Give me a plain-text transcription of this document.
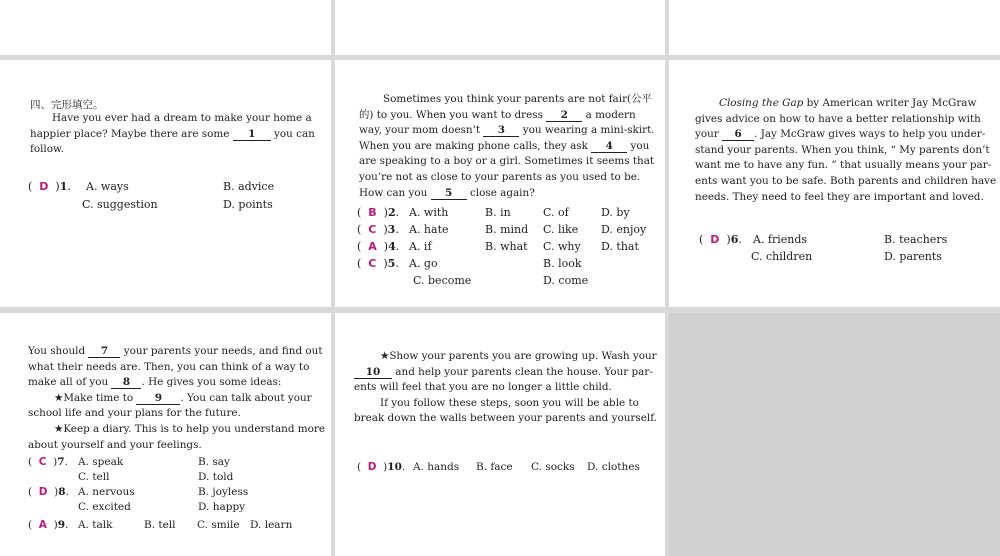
四、完形填空。
Have you ever had a dream to make your home a
happier place? Maybe there are some 1 you can
follow.
(  D  )1. A. ways	B. advice
C. suggestion	D. points
Sometimes you think your parents are not fair(公平
的) to you. When you want to dress 2 a modern
way, your mom doesn’t 3 you wearing a mini-skirt.
When you are making phone calls, they ask 4 you
are speaking to a boy or a girl. Sometimes it seems that
you’re not as close to your parents as you used to be.
How can you 5 close again?
(  B  )2. A. with	B. in	C. of	D. by
(  C  )3. A. hate	B. mind C. like D. enjoy
(  A  )4. A. if	B. what C. why D. that
(  C  )5. A. go	B. look
C. become	D. come
Closing the Gap by American writer Jay McGraw
gives advice on how to have a better relationship with
your 6 . Jay McGraw gives ways to help you under-
stand your parents. When you think, “ My parents don’t
want me to have any fun. ” that usually means your par-
ents want you to be safe. Both parents and children have
needs. They need to feel they are important and loved.
(  D  )6. A. friends	B. teachers
C. children	D. parents
You should 7 your parents your needs, and find out
what their needs are. Then, you can think of a way to
make all of you 8 . He gives you some ideas:
★Make time to 9 . You can talk about your
school life and your plans for the future.
★Keep a diary. This is to help you understand more
about yourself and your feelings.
(  C  )7. A. speak	B. say
C. tell	D. told
(  D  )8. A. nervous	B. joyless
C. excited	D. happy
(  A  )9. A. talk	B. tell C. smile D. learn
★Show your parents you are growing up. Wash your
10 and help your parents clean the house. Your par-
ents will feel that you are no longer a little child.
If you follow these steps, soon you will be able to
break down the walls between your parents and yourself.
(  D  )10. A. hands B. face C. socks D. clothes
